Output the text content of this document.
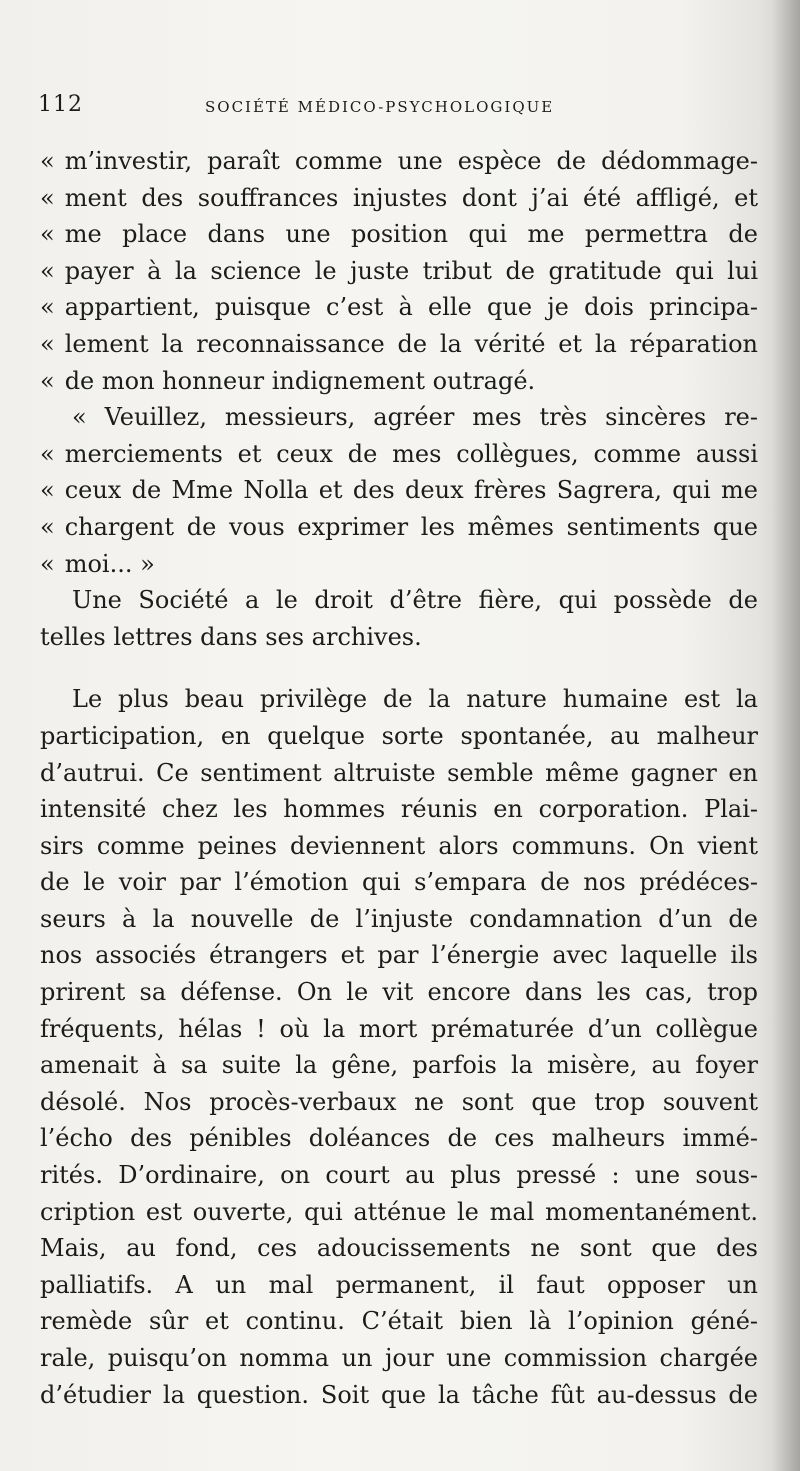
112	SOCIÉTÉ MÉDICO-PSYCHOLOGIQUE
« m’investir, paraît comme une espèce de dédommage-
« ment des souffrances injustes dont j’ai été affligé, et
« me place dans une position qui me permettra de
« payer à la science le juste tribut de gratitude qui lui
« appartient, puisque c’est à elle que je dois principa-
« lement la reconnaissance de la vérité et la réparation
« de mon honneur indignement outragé.
« Veuillez, messieurs, agréer mes très sincères re-
« merciements et ceux de mes collègues, comme aussi
« ceux de Mme Nolla et des deux frères Sagrera, qui me
« chargent de vous exprimer les mêmes sentiments que
« moi... »
Une Société a le droit d’être fière, qui possède de
telles lettres dans ses archives.
Le plus beau privilège de la nature humaine est la
participation, en quelque sorte spontanée, au malheur
d’autrui. Ce sentiment altruiste semble même gagner en
intensité chez les hommes réunis en corporation. Plai-
sirs comme peines deviennent alors communs. On vient
de le voir par l’émotion qui s’empara de nos prédéces-
seurs à la nouvelle de l’injuste condamnation d’un de
nos associés étrangers et par l’énergie avec laquelle ils
prirent sa défense. On le vit encore dans les cas, trop
fréquents, hélas ! où la mort prématurée d’un collègue
amenait à sa suite la gêne, parfois la misère, au foyer
désolé. Nos procès-verbaux ne sont que trop souvent
l’écho des pénibles doléances de ces malheurs immé-
rités. D’ordinaire, on court au plus pressé : une sous-
cription est ouverte, qui atténue le mal momentanément.
Mais, au fond, ces adoucissements ne sont que des
palliatifs. A un mal permanent, il faut opposer un
remède sûr et continu. C’était bien là l’opinion géné-
rale, puisqu’on nomma un jour une commission chargée
d’étudier la question. Soit que la tâche fût au-dessus de
